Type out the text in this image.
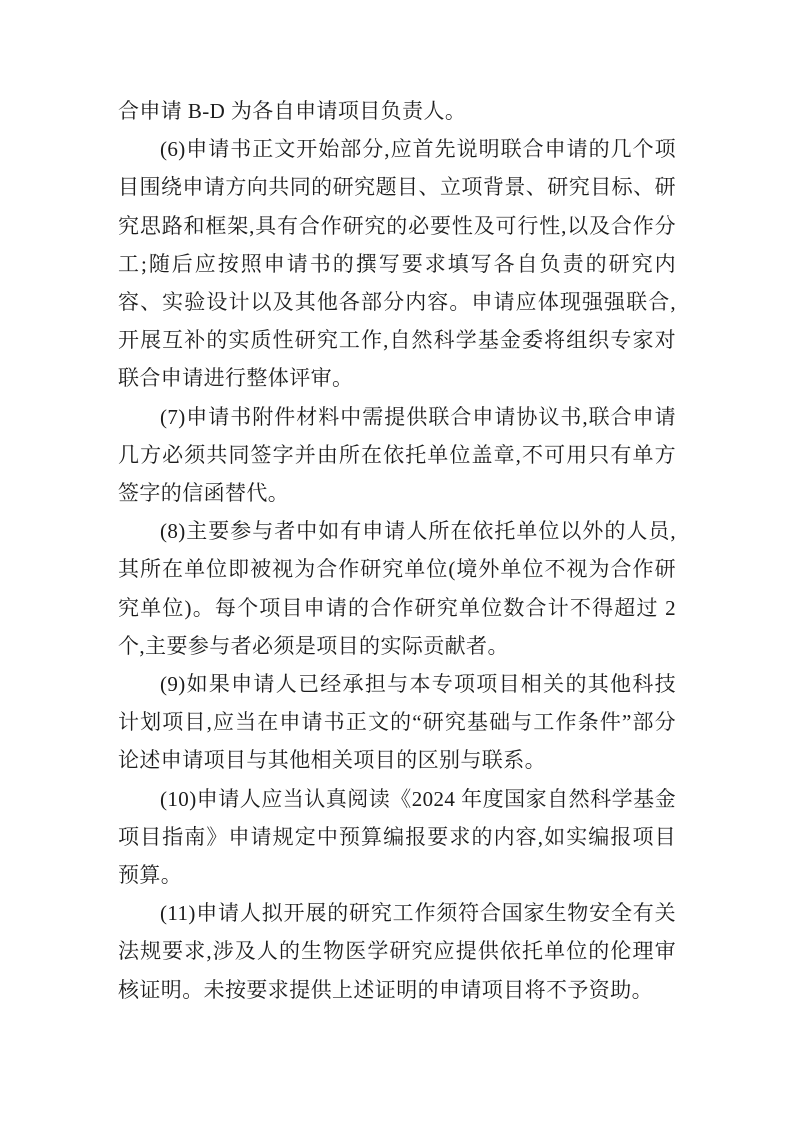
合申请 B-D 为各自申请项目负责人。

(6)申请书正文开始部分,应首先说明联合申请的几个项目围绕申请方向共同的研究题目、立项背景、研究目标、研究思路和框架,具有合作研究的必要性及可行性,以及合作分工;随后应按照申请书的撰写要求填写各自负责的研究内容、实验设计以及其他各部分内容。申请应体现强强联合,开展互补的实质性研究工作,自然科学基金委将组织专家对联合申请进行整体评审。

(7)申请书附件材料中需提供联合申请协议书,联合申请几方必须共同签字并由所在依托单位盖章,不可用只有单方签字的信函替代。

(8)主要参与者中如有申请人所在依托单位以外的人员,其所在单位即被视为合作研究单位(境外单位不视为合作研究单位)。每个项目申请的合作研究单位数合计不得超过 2 个,主要参与者必须是项目的实际贡献者。

(9)如果申请人已经承担与本专项项目相关的其他科技计划项目,应当在申请书正文的“研究基础与工作条件”部分论述申请项目与其他相关项目的区别与联系。

(10)申请人应当认真阅读《2024 年度国家自然科学基金项目指南》申请规定中预算编报要求的内容,如实编报项目预算。

(11)申请人拟开展的研究工作须符合国家生物安全有关法规要求,涉及人的生物医学研究应提供依托单位的伦理审核证明。未按要求提供上述证明的申请项目将不予资助。
